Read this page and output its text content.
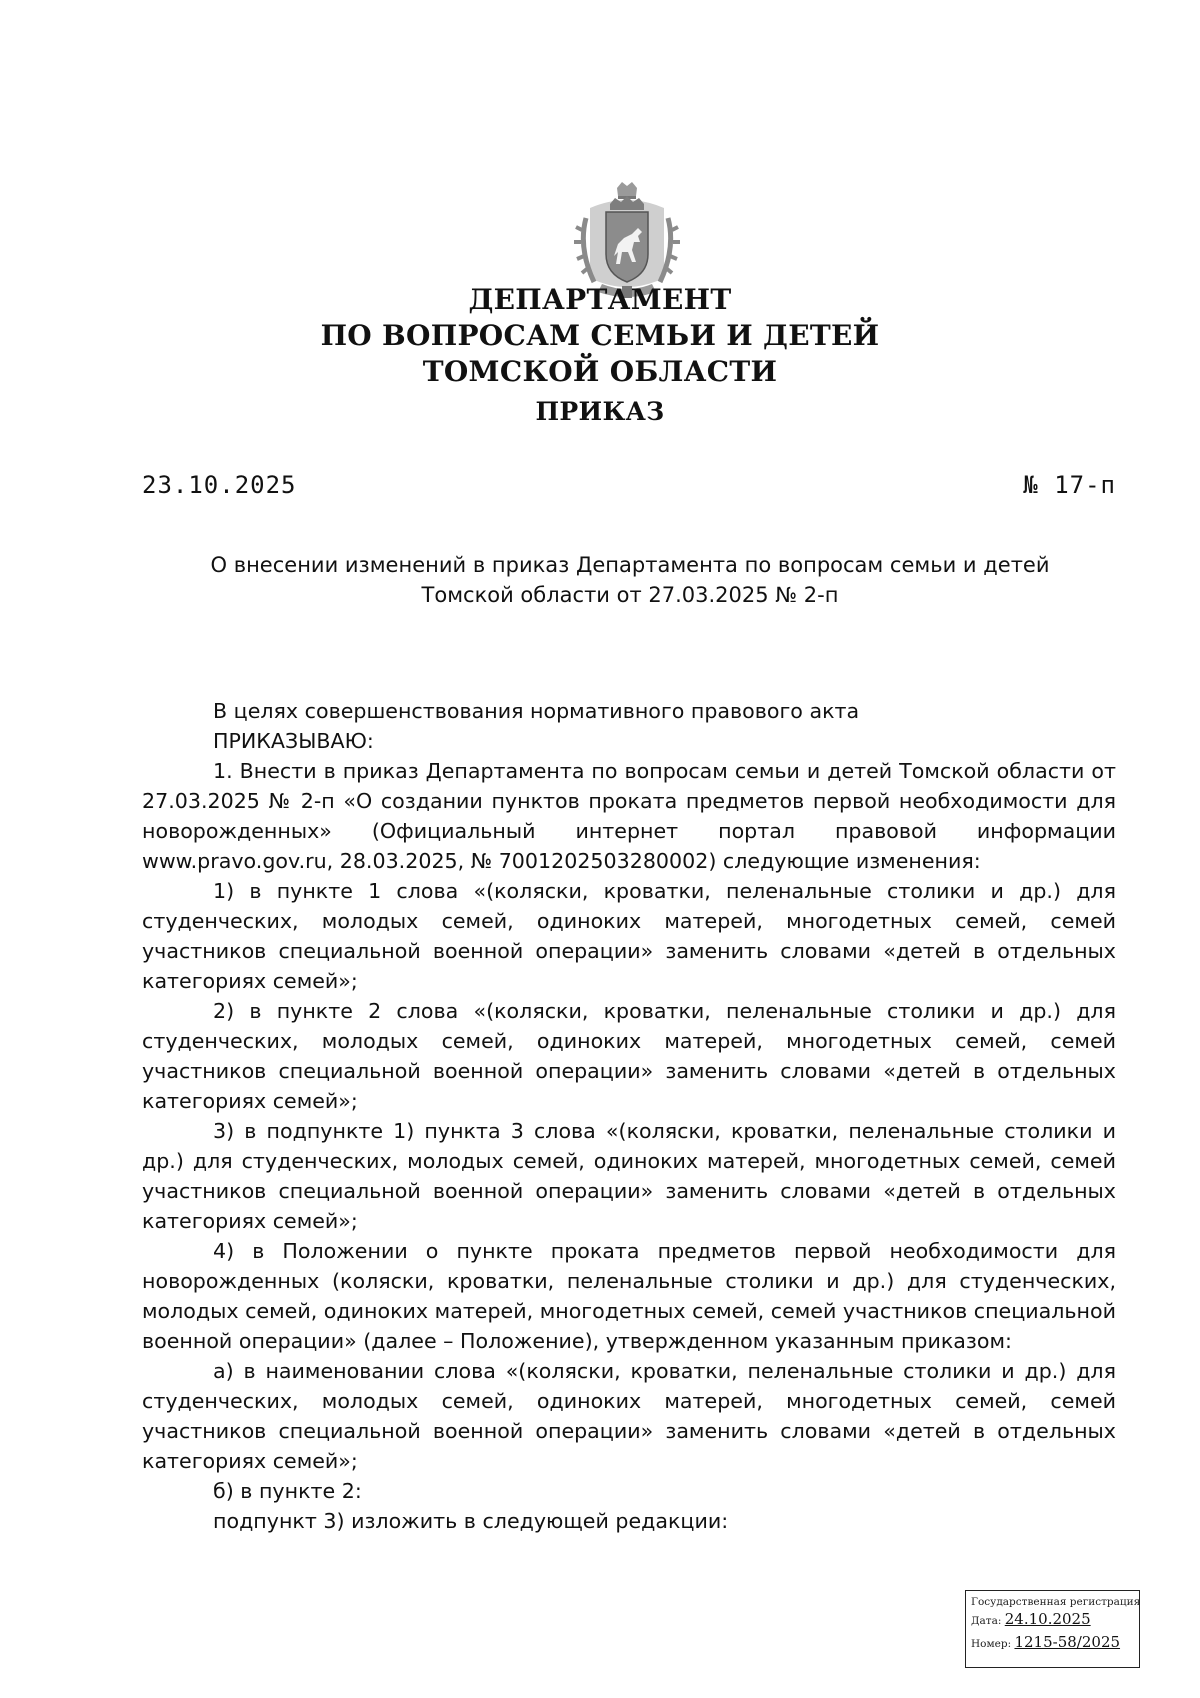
ДЕПАРТАМЕНТ
ПО ВОПРОСАМ СЕМЬИ И ДЕТЕЙ
ТОМСКОЙ ОБЛАСТИ
ПРИКАЗ
23.10.2025	№ 17-п
О внесении изменений в приказ Департамента по вопросам семьи и детей
Томской области от 27.03.2025 № 2-п

В целях совершенствования нормативного правового акта

ПРИКАЗЫВАЮ:

1. Внести в приказ Департамента по вопросам семьи и детей Томской области от 27.03.2025 № 2-п «О создании пунктов проката предметов первой необходимости для новорожденных» (Официальный интернет портал правовой информации www.pravo.gov.ru, 28.03.2025, № 7001202503280002) следующие изменения:

1) в пункте 1 слова «(коляски, кроватки, пеленальные столики и др.) для студенческих, молодых семей, одиноких матерей, многодетных семей, семей участников специальной военной операции» заменить словами «детей в отдельных категориях семей»;

2) в пункте 2 слова «(коляски, кроватки, пеленальные столики и др.) для студенческих, молодых семей, одиноких матерей, многодетных семей, семей участников специальной военной операции» заменить словами «детей в отдельных категориях семей»;

3) в подпункте 1) пункта 3 слова «(коляски, кроватки, пеленальные столики и др.) для студенческих, молодых семей, одиноких матерей, многодетных семей, семей участников специальной военной операции» заменить словами «детей в отдельных категориях семей»;

4) в Положении о пункте проката предметов первой необходимости для новорожденных (коляски, кроватки, пеленальные столики и др.) для студенческих, молодых семей, одиноких матерей, многодетных семей, семей участников специальной военной операции» (далее – Положение), утвержденном указанным приказом:

а) в наименовании слова «(коляски, кроватки, пеленальные столики и др.) для студенческих, молодых семей, одиноких матерей, многодетных семей, семей участников специальной военной операции» заменить словами «детей в отдельных категориях семей»;

б) в пункте 2:

подпункт 3) изложить в следующей редакции:

Государственная регистрация
Дата: 24.10.2025
Номер: 1215-58/2025
